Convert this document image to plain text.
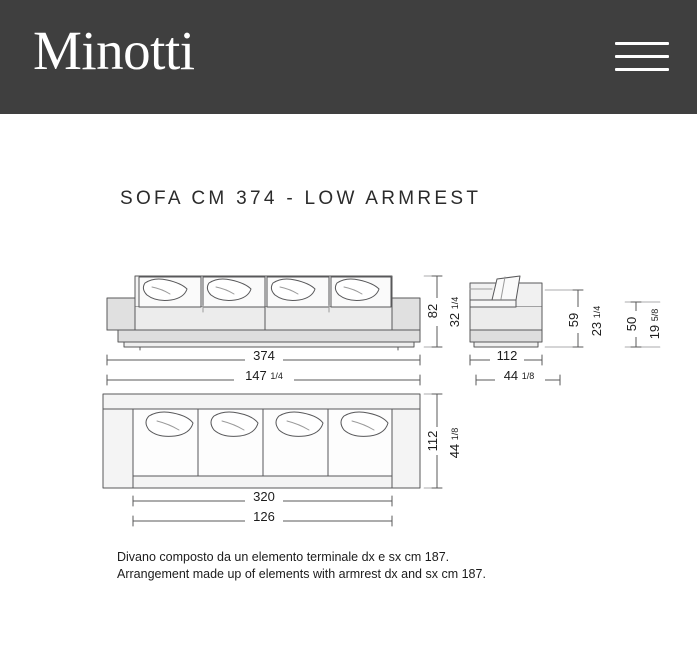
Minotti
SOFA CM 374 - LOW ARMREST
374
147 1/4
82 32 1/4
112
44 1/8
59 23 1/4
50 19 5/8
112 44 1/8
320
126
Divano composto da un elemento terminale dx e sx cm 187.
Arrangement made up of elements with armrest dx and sx cm 187.
